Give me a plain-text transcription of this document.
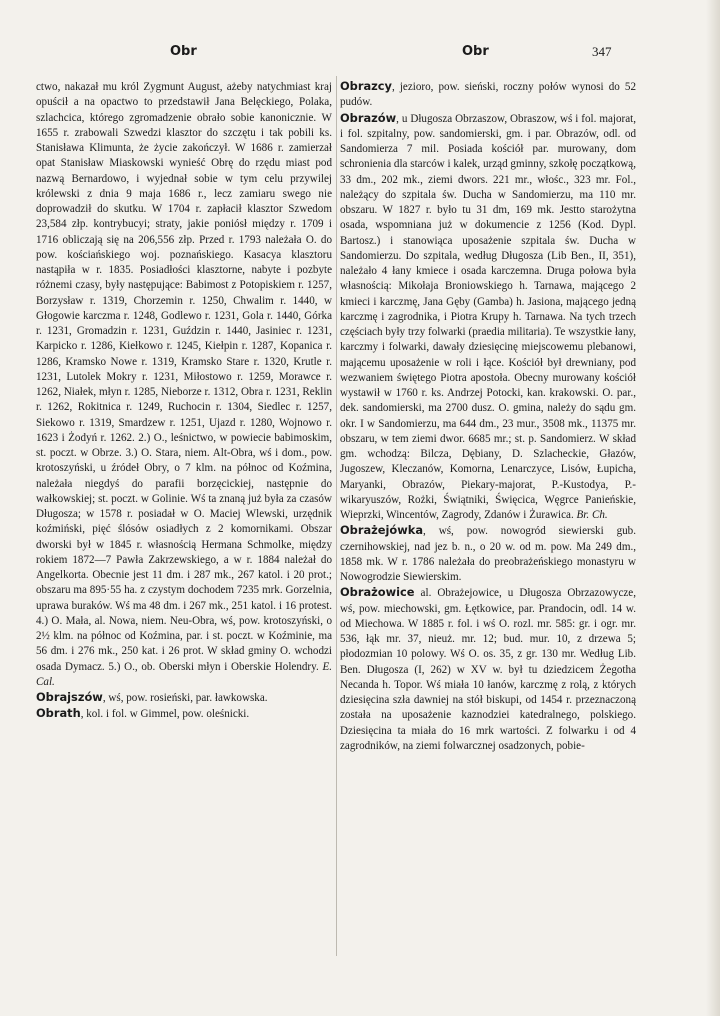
Obr	Obr	347
ctwo, nakazał mu król Zygmunt August, ażeby natychmiast kraj opuścił a na opactwo to przedstawił Jana Belęckiego, Polaka, szlachcica, którego zgromadzenie obrało sobie kanonicznie. W 1655 r. zrabowali Szwedzi klasztor do szczętu i tak pobili ks. Stanisława Klimunta, że życie zakończył. W 1686 r. zamierzał opat Stanisław Miaskowski wynieść Obrę do rzędu miast pod nazwą Bernardowo, i wyjednał sobie w tym celu przywilej królewski z dnia 9 maja 1686 r., lecz zamiaru swego nie doprowadził do skutku. W 1704 r. zapłacił klasztor Szwedom 23,584 złp. kontrybucyi; straty, jakie poniósł między r. 1709 i 1716 obliczają się na 206,556 złp. Przed r. 1793 należała O. do pow. kościańskiego woj. poznańskiego. Kasacya klasztoru nastąpiła w r. 1835. Posiadłości klasztorne, nabyte i pozbyte różnemi czasy, były następujące: Babimost z Potopiskiem r. 1257, Borzysław r. 1319, Chorzemin r. 1250, Chwalim r. 1440, w Głogowie karczma r. 1248, Godlewo r. 1231, Gola r. 1440, Górka r. 1231, Gromadzin r. 1231, Guździn r. 1440, Jasiniec r. 1231, Karpicko r. 1286, Kiełkowo r. 1245, Kiełpin r. 1287, Kopanica r. 1286, Kramsko Nowe r. 1319, Kramsko Stare r. 1320, Krutle r. 1231, Lutolek Mokry r. 1231, Miłostowo r. 1259, Morawce r. 1262, Niałek, młyn r. 1285, Nieborze r. 1312, Obra r. 1231, Reklin r. 1262, Rokitnica r. 1249, Ruchocin r. 1304, Siedlec r. 1257, Siekowo r. 1319, Smardzew r. 1251, Ujazd r. 1280, Wojnowo r. 1623 i Żodyń r. 1262. 2.) O., leśnictwo, w powiecie babimoskim, st. poczt. w Obrze. 3.) O. Stara, niem. Alt-Obra, wś i dom., pow. krotoszyński, u źródeł Obry, o 7 klm. na północ od Koźmina, należała niegdyś do parafii borzęcickiej, następnie do wałkowskiej; st. poczt. w Golinie. Wś ta znaną już była za czasów Długosza; w 1578 r. posiadał w O. Maciej Wlewski, urzędnik koźmiński, pięć ślósów osiadłych z 2 komornikami. Obszar dworski był w 1845 r. własnością Hermana Schmolke, między rokiem 1872—7 Pawła Zakrzewskiego, a w r. 1884 należał do Angelkorta. Obecnie jest 11 dm. i 287 mk., 267 katol. i 20 prot.; obszaru ma 895·55 ha. z czystym dochodem 7235 mrk. Gorzelnia, uprawa buraków. Wś ma 48 dm. i 267 mk., 251 katol. i 16 protest. 4.) O. Mała, al. Nowa, niem. Neu-Obra, wś, pow. krotoszyński, o 2½ klm. na północ od Koźmina, par. i st. poczt. w Koźminie, ma 56 dm. i 276 mk., 250 kat. i 26 prot. W skład gminy O. wchodzi osada Dymacz. 5.) O., ob. Oberski młyn i Oberskie Holendry. E. Cal.
Obrajszów, wś, pow. rosieński, par. ławkowska.
Obrath, kol. i fol. w Gimmel, pow. oleśnicki.
Obrazcy, jezioro, pow. sieński, roczny połów wynosi do 52 pudów.
Obrazów, u Długosza Obrzaszow, Obraszow, wś i fol. majorat, i fol. szpitalny, pow. sandomierski, gm. i par. Obrazów, odl. od Sandomierza 7 mil. Posiada kościół par. murowany, dom schronienia dla starców i kalek, urząd gminny, szkołę początkową, 33 dm., 202 mk., ziemi dwors. 221 mr., włośc., 323 mr. Fol., należący do szpitala św. Ducha w Sandomierzu, ma 110 mr. obszaru. W 1827 r. było tu 31 dm, 169 mk. Jestto starożytna osada, wspomniana już w dokumencie z 1256 (Kod. Dypl. Bartosz.) i stanowiąca uposażenie szpitala św. Ducha w Sandomierzu. Do szpitala, według Długosza (Lib Ben., II, 351), należało 4 łany kmiece i osada karczemna. Druga połowa była własnością: Mikołaja Broniowskiego h. Tarnawa, mającego 2 kmieci i karczmę, Jana Gęby (Gamba) h. Jasiona, mającego jedną karczmę i zagrodnika, i Piotra Krupy h. Tarnawa. Na tych trzech częściach były trzy folwarki (praedia militaria). Te wszystkie łany, karczmy i folwarki, dawały dziesięcinę miejscowemu plebanowi, mającemu uposażenie w roli i łące. Kościół był drewniany, pod wezwaniem świętego Piotra apostoła. Obecny murowany kościół wystawił w 1760 r. ks. Andrzej Potocki, kan. krakowski. O. par., dek. sandomierski, ma 2700 dusz. O. gmina, należy do sądu gm. okr. I w Sandomierzu, ma 644 dm., 23 mur., 3508 mk., 11375 mr. obszaru, w tem ziemi dwor. 6685 mr.; st. p. Sandomierz. W skład gm. wchodzą: Bilcza, Dębiany, D. Szlacheckie, Głazów, Jugoszew, Kleczanów, Komorna, Lenarczyce, Lisów, Łupicha, Maryanki, Obrazów, Piekary-majorat, P.-Kustodya, P.-wikaryuszów, Rożki, Świątniki, Święcica, Węgrce Panieńskie, Wieprzki, Wincentów, Zagrody, Zdanów i Żurawica. Br. Ch.
Obrażejówka, wś, pow. nowogród siewierski gub. czernihowskiej, nad jez b. n., o 20 w. od m. pow. Ma 249 dm., 1858 mk. W r. 1786 należała do preobrażeńskiego monastyru w Nowogrodzie Siewierskim.
Obrażowice al. Obrażejowice, u Długosza Obrzazowycze, wś, pow. miechowski, gm. Łętkowice, par. Prandocin, odl. 14 w. od Miechowa. W 1885 r. fol. i wś O. rozl. mr. 585: gr. i ogr. mr. 536, łąk mr. 37, nieuż. mr. 12; bud. mur. 10, z drzewa 5; płodozmian 10 polowy. Wś O. os. 35, z gr. 130 mr. Według Lib. Ben. Długosza (I, 262) w XV w. był tu dziedzicem Żegotha Necanda h. Topor. Wś miała 10 łanów, karczmę z rolą, z których dziesięcina szła dawniej na stół biskupi, od 1454 r. przeznaczoną została na uposażenie kaznodziei katedralnego, polskiego. Dziesięcina ta miała do 16 mrk wartości. Z folwarku i od 4 zagrodników, na ziemi folwarcznej osadzonych, pobie-
